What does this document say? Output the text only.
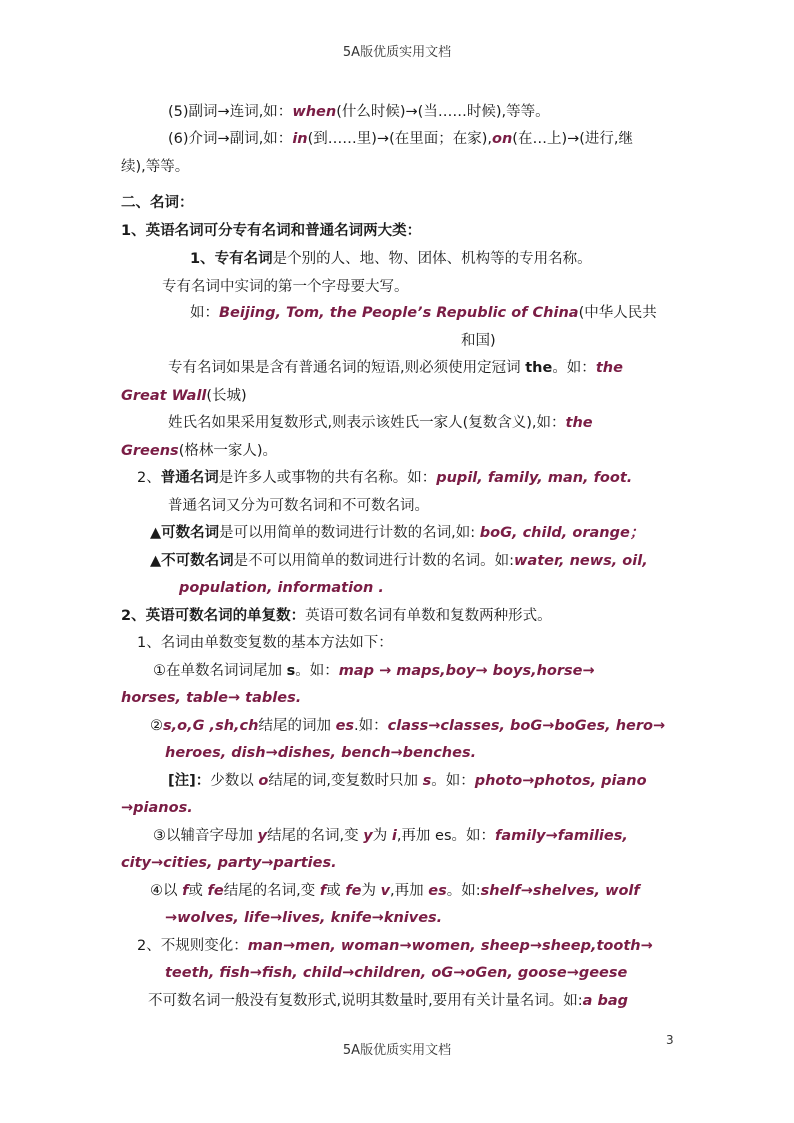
5A版优质实用文档
(5)副词→连词,如：when(什么时候)→(当……时候),等等。
(6)介词→副词,如：in(到……里)→(在里面；在家),on(在…上)→(进行,继
续),等等。
二、名词：
1、英语名词可分专有名词和普通名词两大类：
1、专有名词是个别的人、地、物、团体、机构等的专用名称。
专有名词中实词的第一个字母要大写。
如：Beijing, Tom, the People’s Republic of China(中华人民共
和国)
专有名词如果是含有普通名词的短语,则必须使用定冠词 the。如：the
Great Wall(长城)
姓氏名如果采用复数形式,则表示该姓氏一家人(复数含义),如：the
Greens(格林一家人)。
2、普通名词是许多人或事物的共有名称。如：pupil, family, man, foot.
普通名词又分为可数名词和不可数名词。
▲可数名词是可以用简单的数词进行计数的名词,如: boG, child, orange；
▲不可数名词是不可以用简单的数词进行计数的名词。如:water, news, oil,
population, information .
2、英语可数名词的单复数：英语可数名词有单数和复数两种形式。
1、名词由单数变复数的基本方法如下：
①在单数名词词尾加 s。如：map → maps,boy→ boys,horse→
horses, table→ tables.
②s,o,G ,sh,ch结尾的词加 es.如：class→classes, boG→boGes, hero→
heroes, dish→dishes, bench→benches.
[注]：少数以 o结尾的词,变复数时只加 s。如：photo→photos, piano
→pianos.
③以辅音字母加 y结尾的名词,变 y为 i,再加 es。如：family→families,
city→cities, party→parties.
④以 f或 fe结尾的名词,变 f或 fe为 v,再加 es。如:shelf→shelves, wolf
→wolves, life→lives, knife→knives.
2、不规则变化：man→men, woman→women, sheep→sheep,tooth→
teeth, fish→fish, child→children, oG→oGen, goose→geese
不可数名词一般没有复数形式,说明其数量时,要用有关计量名词。如:a bag
5A版优质实用文档
3
